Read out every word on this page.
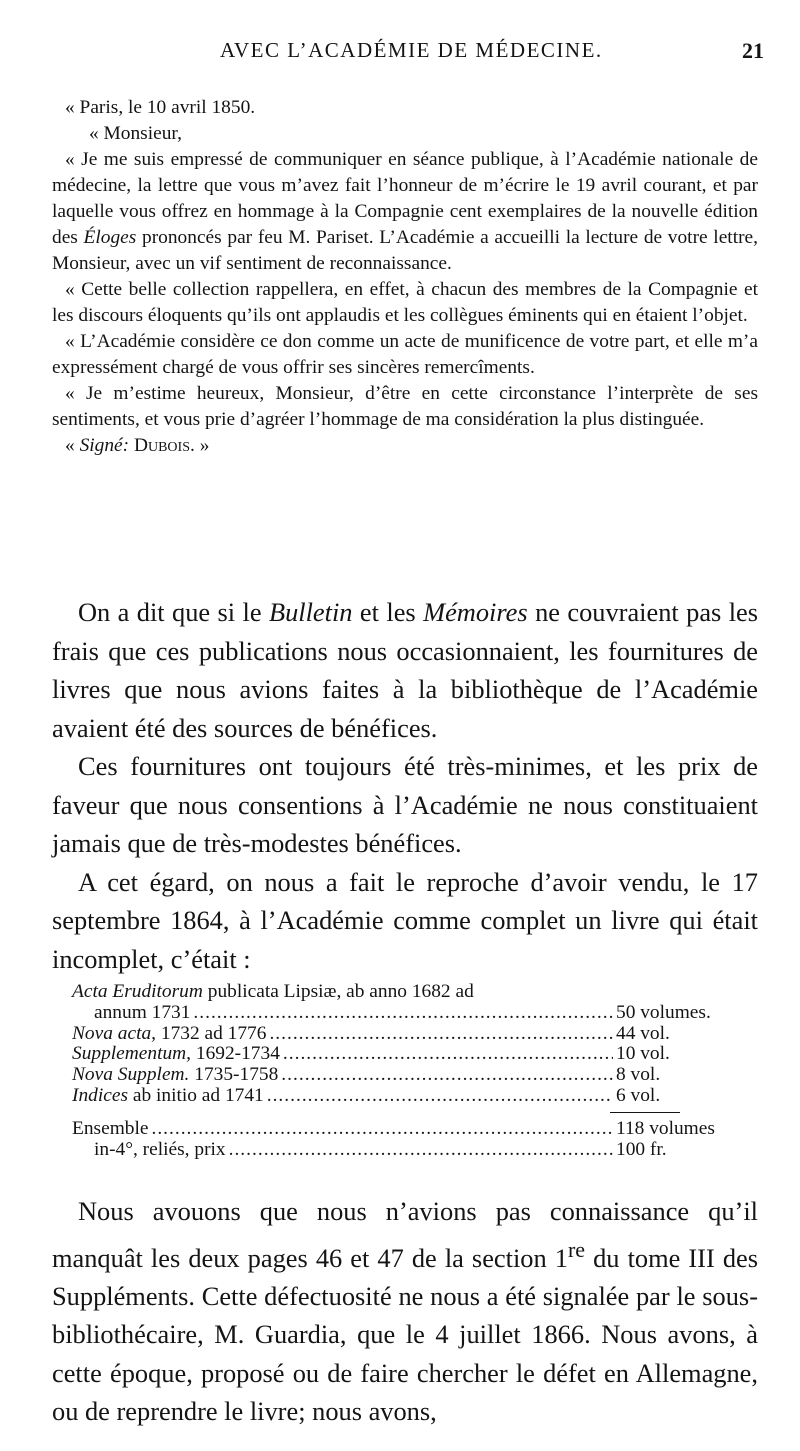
AVEC L’ACADÉMIE DE MÉDECINE.	21

« Paris, le 10 avril 1850.

« Monsieur,

« Je me suis empressé de communiquer en séance publique, à l’Académie nationale de médecine, la lettre que vous m’avez fait l’honneur de m’écrire le 19 avril courant, et par laquelle vous offrez en hommage à la Compagnie cent exemplaires de la nouvelle édition des Éloges prononcés par feu M. Pariset. L’Académie a accueilli la lecture de votre lettre, Monsieur, avec un vif sentiment de reconnaissance.

« Cette belle collection rappellera, en effet, à chacun des membres de la Compagnie et les discours éloquents qu’ils ont applaudis et les collègues éminents qui en étaient l’objet.

« L’Académie considère ce don comme un acte de munificence de votre part, et elle m’a expressément chargé de vous offrir ses sincères remercîments.

« Je m’estime heureux, Monsieur, d’être en cette circonstance l’interprète de ses sentiments, et vous prie d’agréer l’hommage de ma considération la plus distinguée.

« Signé: Dubois. »

On a dit que si le Bulletin et les Mémoires ne couvraient pas les frais que ces publications nous occasionnaient, les fournitures de livres que nous avions faites à la bibliothèque de l’Académie avaient été des sources de bénéfices.

Ces fournitures ont toujours été très-minimes, et les prix de faveur que nous consentions à l’Académie ne nous constituaient jamais que de très-modestes bénéfices.

A cet égard, on nous a fait le reproche d’avoir vendu, le 17 septembre 1864, à l’Académie comme complet un livre qui était incomplet, c’était :

Acta Eruditorum publicata Lipsiæ, ab anno 1682 ad
annum 1731 .....	50 volumes.
Nova acta, 1732 ad 1776 .....	44 vol.
Supplementum, 1692-1734 .....	10 vol.
Nova Supplem. 1735-1758 .....	8 vol.
Indices ab initio ad 1741 .....	6 vol.
Ensemble .....	118 volumes
in-4°, reliés, prix .....	100 fr.

Nous avouons que nous n’avions pas connaissance qu’il manquât les deux pages 46 et 47 de la section 1re du tome III des Suppléments. Cette défectuosité ne nous a été signalée par le sous-bibliothécaire, M. Guardia, que le 4 juillet 1866. Nous avons, à cette époque, proposé ou de faire chercher le défet en Allemagne, ou de reprendre le livre; nous avons,
